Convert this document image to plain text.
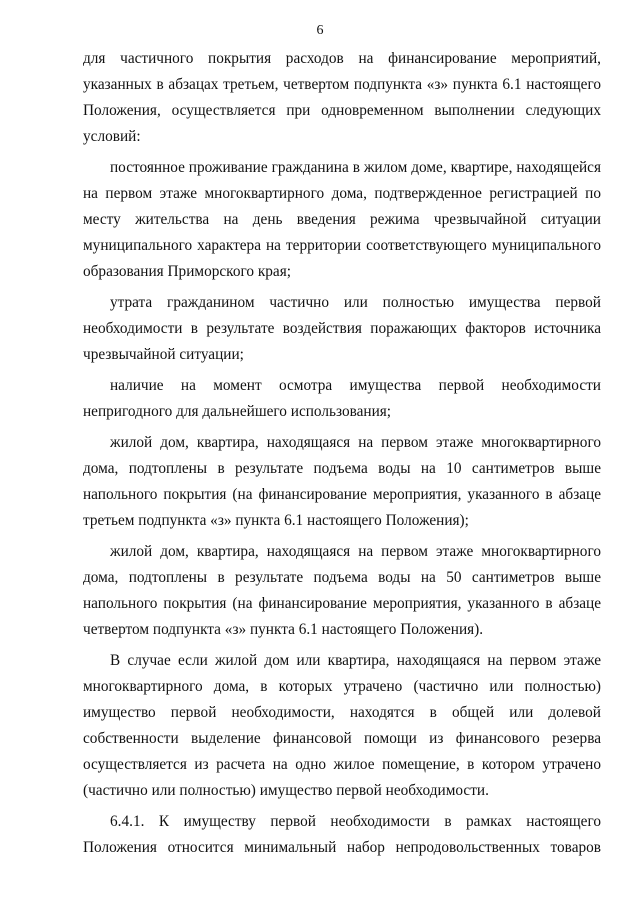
6

для частичного покрытия расходов на финансирование мероприятий, указанных в абзацах третьем, четвертом подпункта «з» пункта 6.1 настоящего Положения, осуществляется при одновременном выполнении следующих условий:

постоянное проживание гражданина в жилом доме, квартире, находящейся на первом этаже многоквартирного дома, подтвержденное регистрацией по месту жительства на день введения режима чрезвычайной ситуации муниципального характера на территории соответствующего муниципального образования Приморского края;

утрата гражданином частично или полностью имущества первой необходимости в результате воздействия поражающих факторов источника чрезвычайной ситуации;

наличие на момент осмотра имущества первой необходимости непригодного для дальнейшего использования;

жилой дом, квартира, находящаяся на первом этаже многоквартирного дома, подтоплены в результате подъема воды на 10 сантиметров выше напольного покрытия (на финансирование мероприятия, указанного в абзаце третьем подпункта «з» пункта 6.1 настоящего Положения);

жилой дом, квартира, находящаяся на первом этаже многоквартирного дома, подтоплены в результате подъема воды на 50 сантиметров выше напольного покрытия (на финансирование мероприятия, указанного в абзаце четвертом подпункта «з» пункта 6.1 настоящего Положения).

В случае если жилой дом или квартира, находящаяся на первом этаже многоквартирного дома, в которых утрачено (частично или полностью) имущество первой необходимости, находятся в общей или долевой собственности выделение финансовой помощи из финансового резерва осуществляется из расчета на одно жилое помещение, в котором утрачено (частично или полностью) имущество первой необходимости.

6.4.1. К имуществу первой необходимости в рамках настоящего Положения относится минимальный набор непродовольственных товаров
